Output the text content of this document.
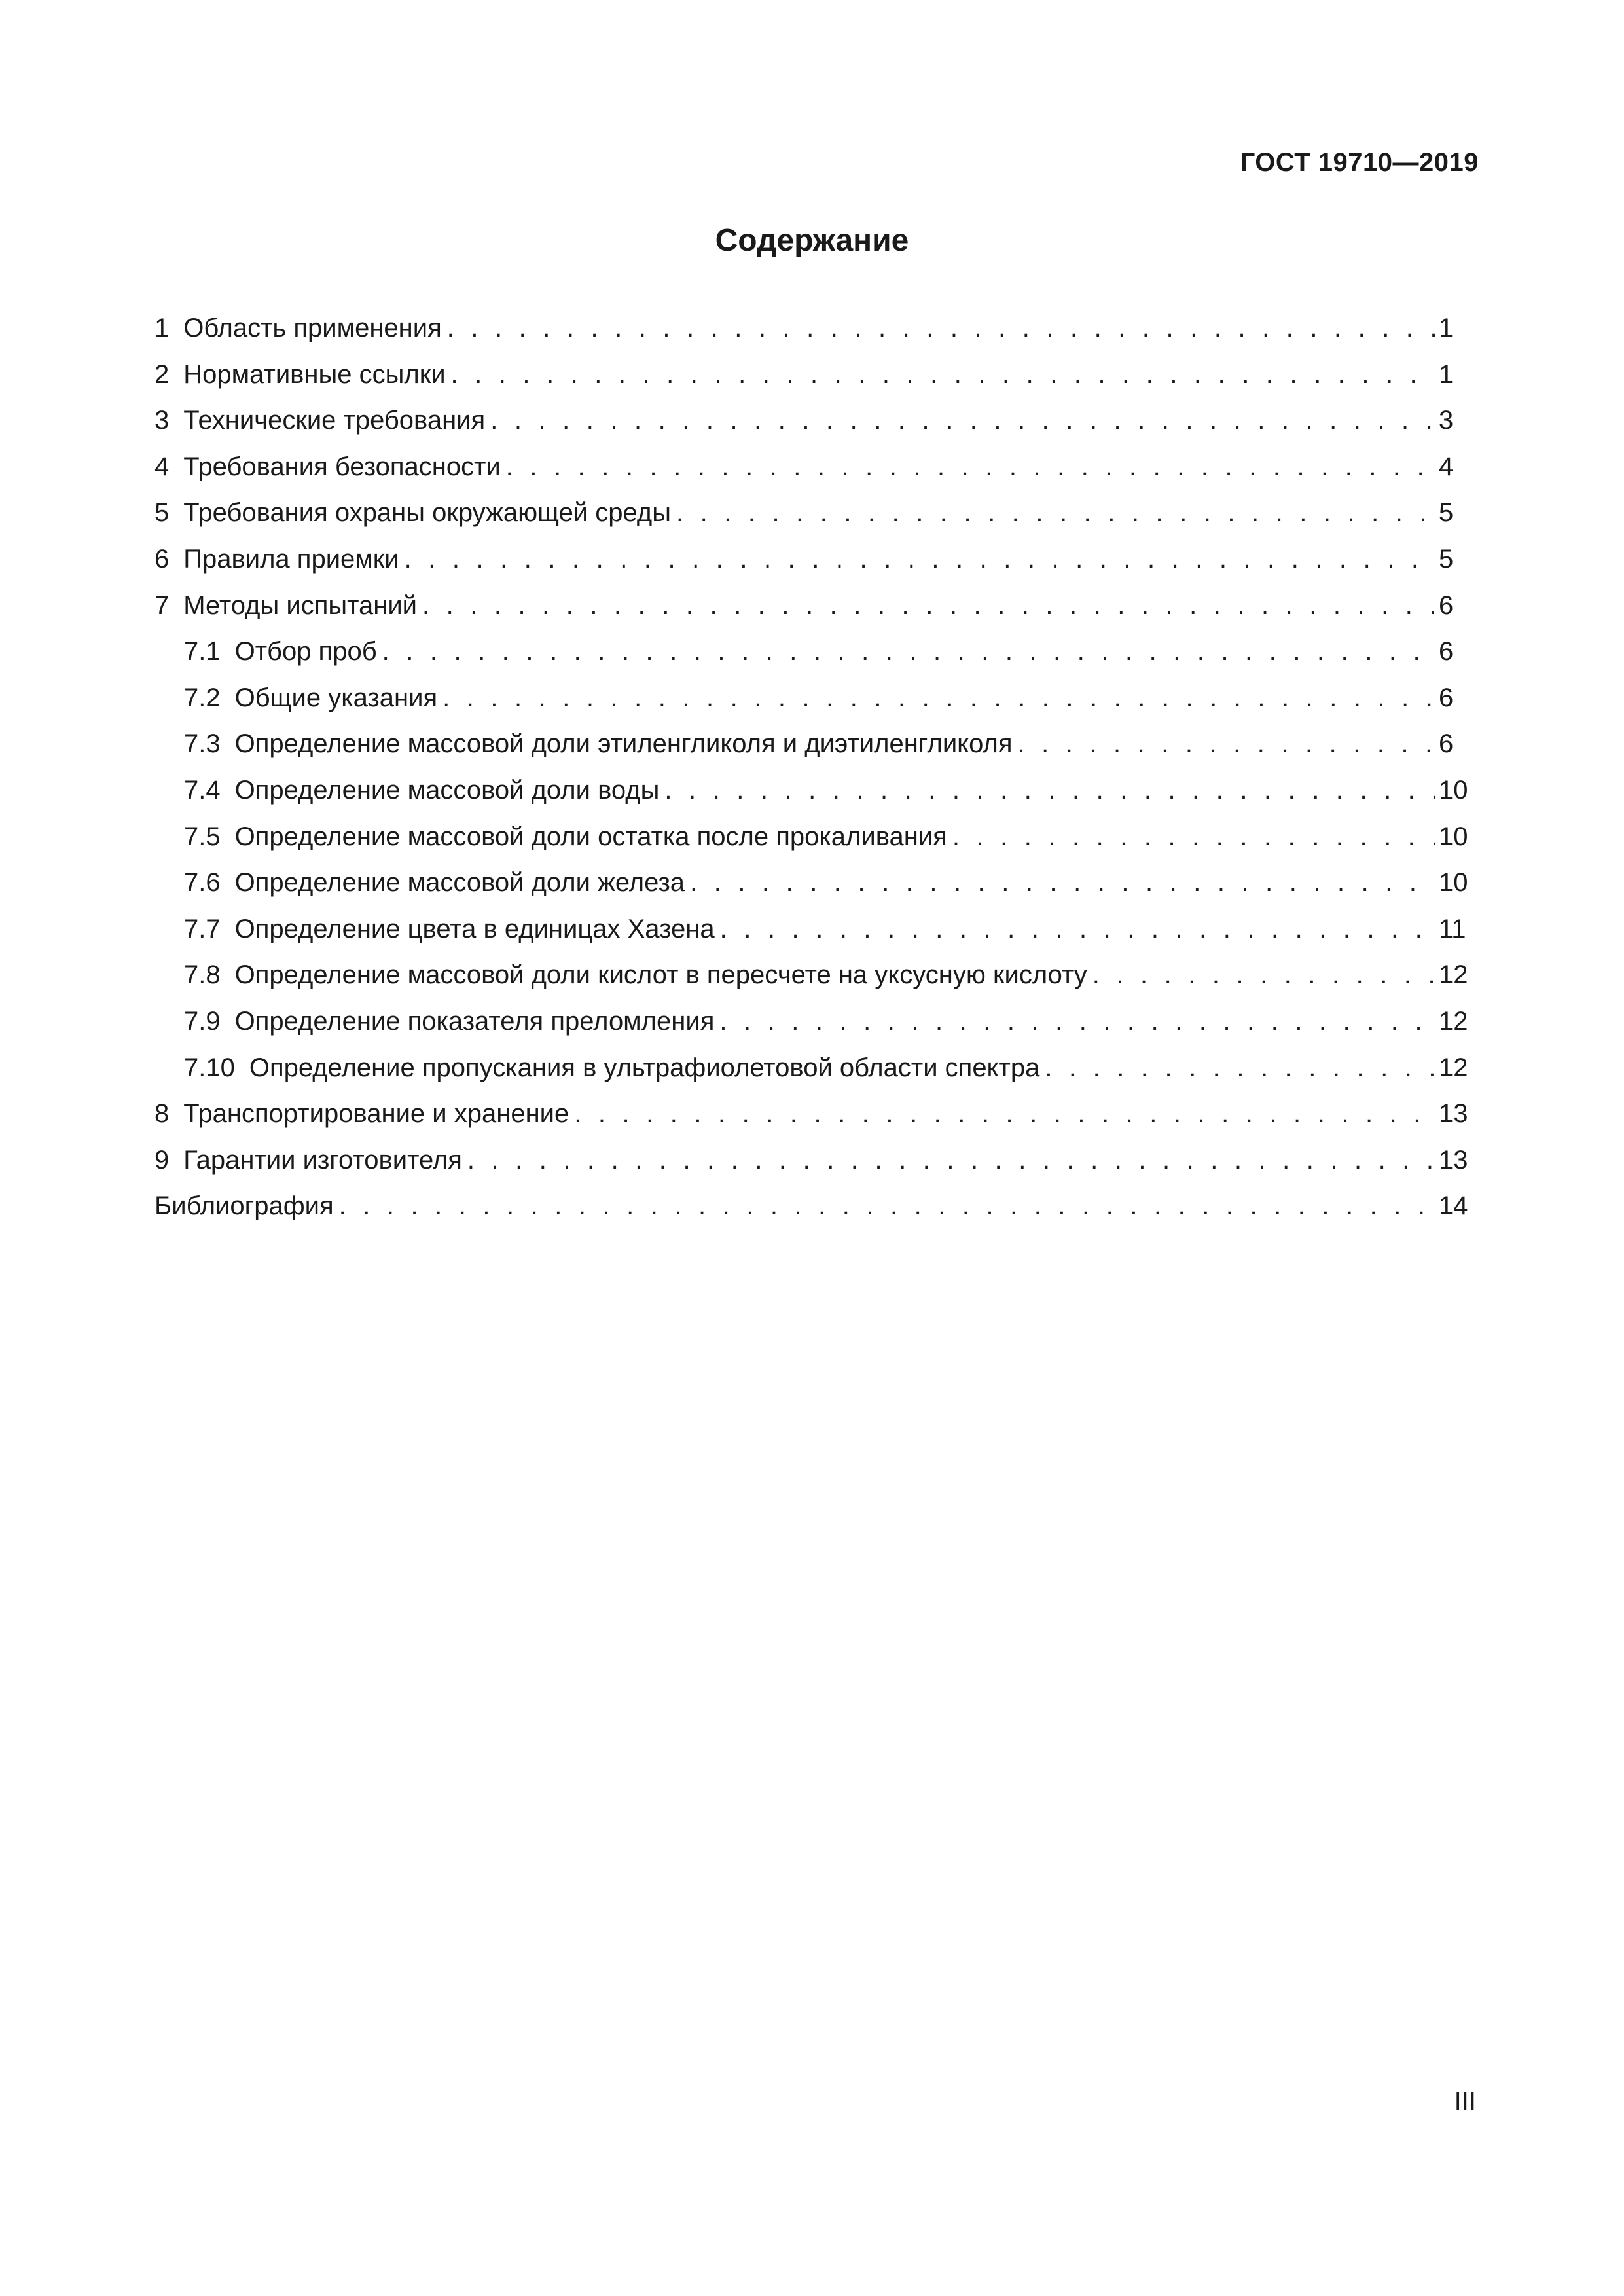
ГОСТ 19710—2019
Содержание
1 Область применения . . .	1
2 Нормативные ссылки . . .	1
3 Технические требования . . .	3
4 Требования безопасности . . .	4
5 Требования охраны окружающей среды . . .	5
6 Правила приемки . . .	5
7 Методы испытаний . . .	6
7.1 Отбор проб . . .	6
7.2 Общие указания . . .	6
7.3 Определение массовой доли этиленгликоля и диэтиленгликоля . . .	6
7.4 Определение массовой доли воды . . .	10
7.5 Определение массовой доли остатка после прокаливания . . .	10
7.6 Определение массовой доли железа . . .	10
7.7 Определение цвета в единицах Хазена . . .	11
7.8 Определение массовой доли кислот в пересчете на уксусную кислоту . . .	12
7.9 Определение показателя преломления . . .	12
7.10 Определение пропускания в ультрафиолетовой области спектра . . .	12
8 Транспортирование и хранение . . .	13
9 Гарантии изготовителя . . .	13
Библиография . . .	14
III
